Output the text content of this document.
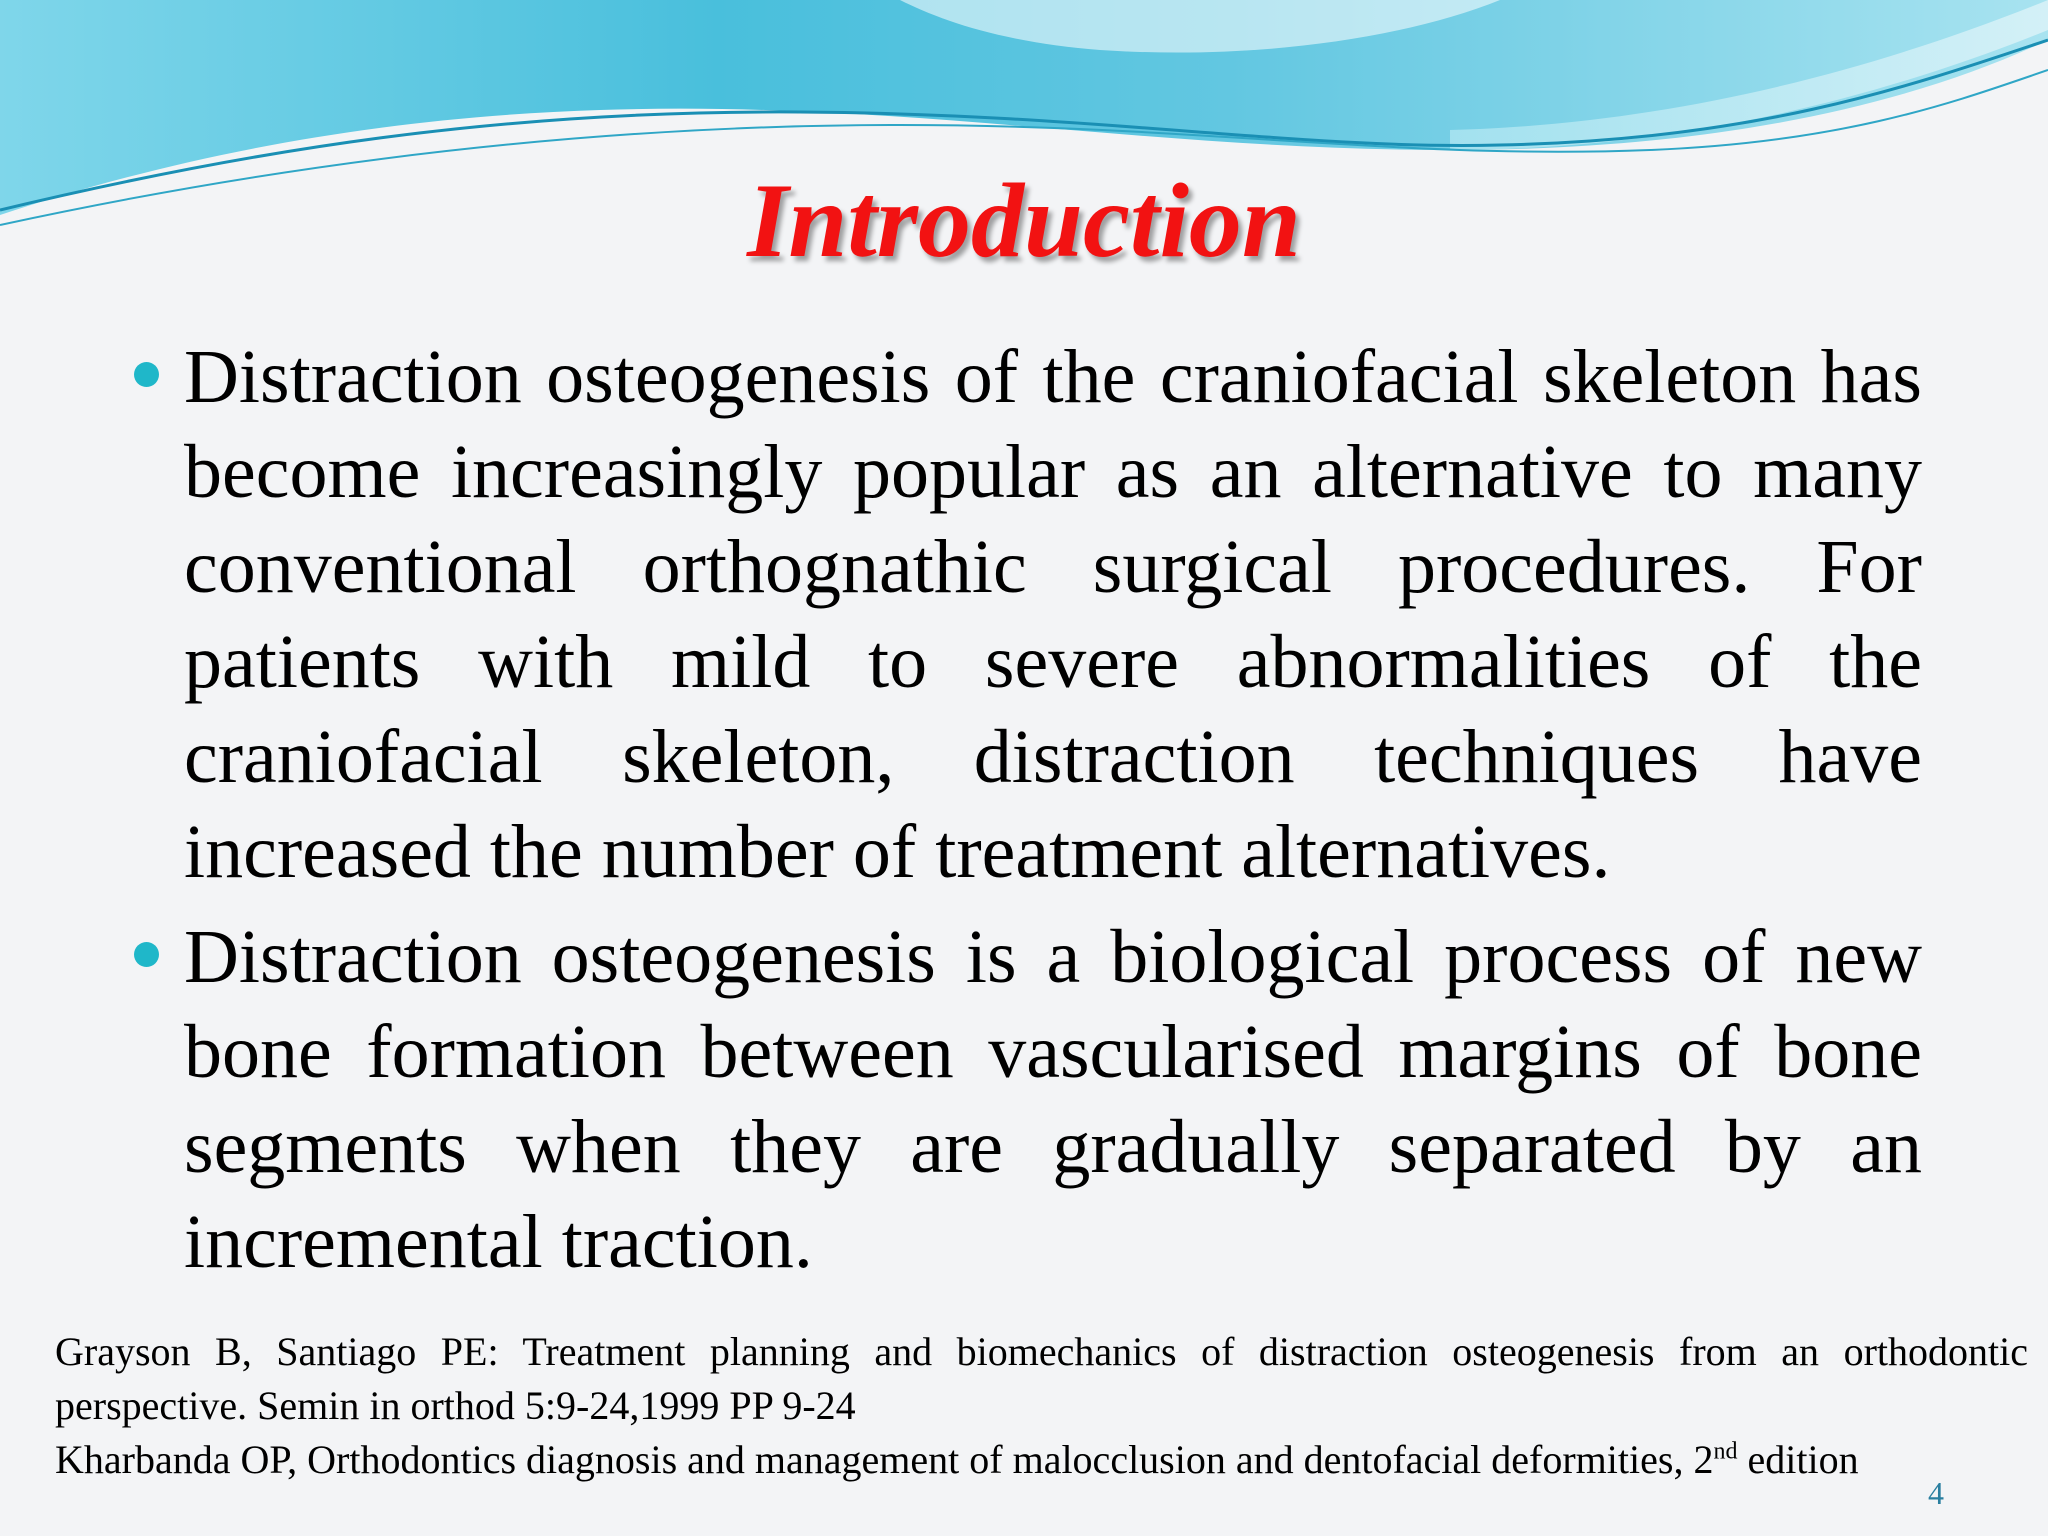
Introduction
Distraction osteogenesis of the craniofacial skeleton has become increasingly popular as an alternative to many conventional orthognathic surgical procedures. For patients with mild to severe abnormalities of the craniofacial skeleton, distraction techniques have increased the number of treatment alternatives.
Distraction osteogenesis is a biological process of new bone formation between vascularised margins of bone segments when they are gradually separated by an incremental traction.
Grayson B, Santiago PE: Treatment planning and biomechanics of distraction osteogenesis from an orthodontic perspective. Semin in orthod 5:9-24,1999 PP 9-24
Kharbanda OP, Orthodontics diagnosis and management of malocclusion and dentofacial deformities, 2nd edition
4
